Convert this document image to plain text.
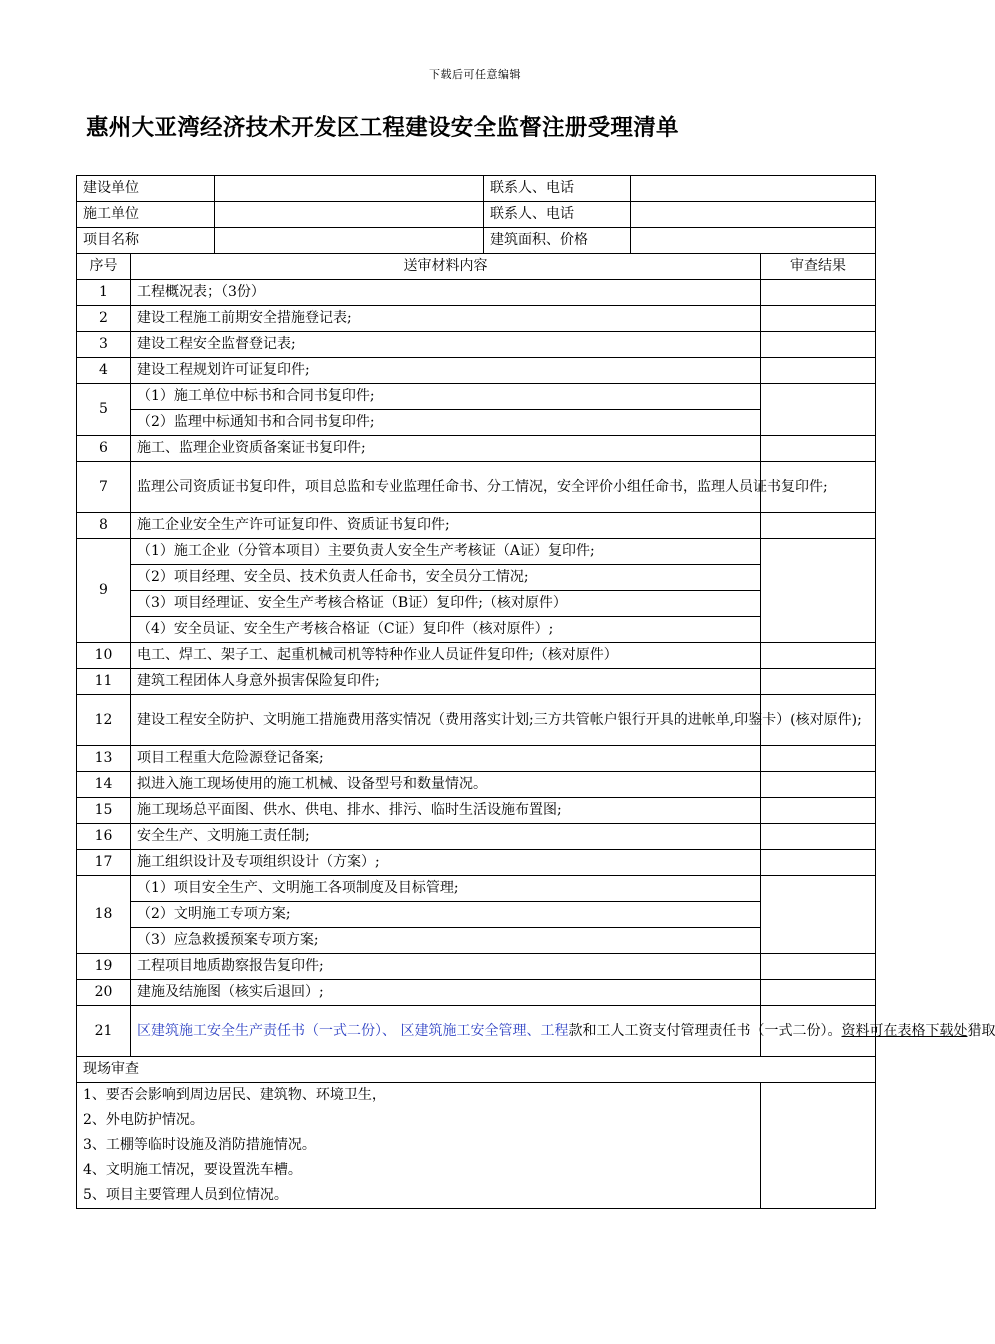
下载后可任意编辑
惠州大亚湾经济技术开发区工程建设安全监督注册受理清单
建设单位			联系人、电话		
施工单位			联系人、电话		
项目名称			建筑面积、价格		
序号	送审材料内容				审查结果
1	工程概况表；（3份）				
2	建设工程施工前期安全措施登记表;				
3	建设工程安全监督登记表;				
4	建设工程规划许可证复印件;				
5	（1）施工单位中标书和合同书复印件;				
	（2）监理中标通知书和合同书复印件;				
6	施工、监理企业资质备案证书复印件;				
7	监理公司资质证书复印件，项目总监和专业监理任命书、分工情况，安全评价小组任命书，监理人员证书复印件;				
8	施工企业安全生产许可证复印件、资质证书复印件;				
9	（1）施工企业（分管本项目）主要负责人安全生产考核证（A证）复印件;				
	（2）项目经理、安全员、技术负责人任命书，安全员分工情况;				
	（3）项目经理证、安全生产考核合格证（B证）复印件;（核对原件）				
	（4）安全员证、安全生产考核合格证（C证）复印件（核对原件）;				
10	电工、焊工、架子工、起重机械司机等特种作业人员证件复印件;（核对原件）				
11	建筑工程团体人身意外损害保险复印件;				
12	建设工程安全防护、文明施工措施费用落实情况（费用落实计划;三方共管帐户银行开具的进帐单,印鉴卡）(核对原件);				
13	项目工程重大危险源登记备案;				
14	拟进入施工现场使用的施工机械、设备型号和数量情况。				
15	施工现场总平面图、供水、供电、排水、排污、临时生活设施布置图;				
16	安全生产、文明施工责任制;				
17	施工组织设计及专项组织设计（方案）;				
18	（1）项目安全生产、文明施工各项制度及目标管理;				
	（2）文明施工专项方案;				
	（3）应急救援预案专项方案;				
19	工程项目地质勘察报告复印件;				
20	建施及结施图（核实后退回）;				
21	区建筑施工安全生产责任书（一式二份）、 区建筑施工安全管理、工程款和工人工资支付管理责任书（一式二份）。资料可在表格下载处猎取				

现场审查					

1、要否会影响到周边居民、建筑物、环境卫生，
2、外电防护情况。
3、工棚等临时设施及消防措施情况。
4、文明施工情况，要设置洗车槽。
5、项目主要管理人员到位情况。					
